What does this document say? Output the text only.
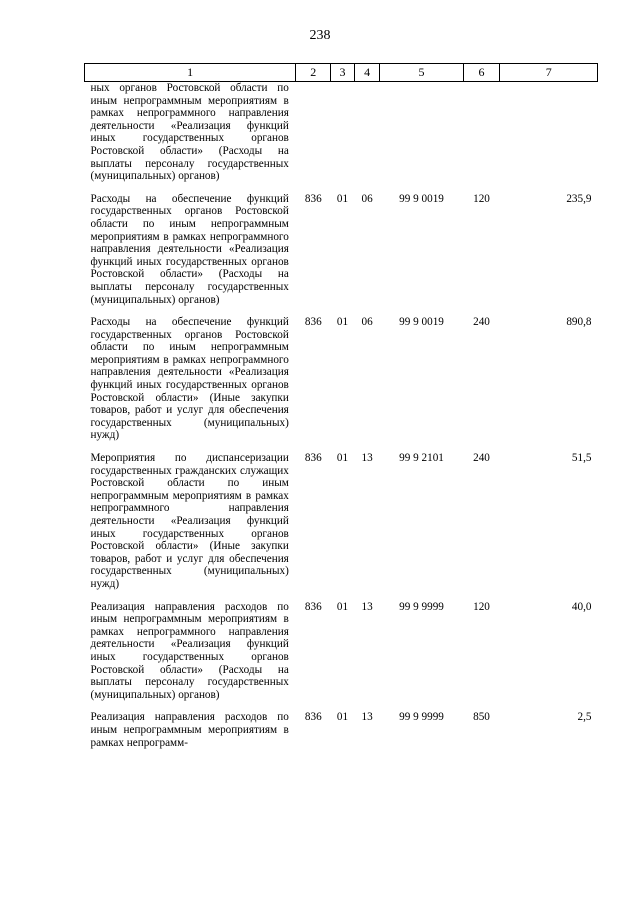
238
1	2	3	4	5	6	7
ных органов Ростовской области по иным непрограммным мероприятиям в рамках непрограммного направления деятельности «Реализация функций иных государственных органов Ростовской области» (Расходы на выплаты персоналу государственных (муниципальных) органов)						
Расходы на обеспечение функций государственных органов Ростовской области по иным непрограммным мероприятиям в рамках непрограммного направления деятельности «Реализация функций иных государственных органов Ростовской области» (Расходы на выплаты персоналу государственных (муниципальных) органов)	836	01	06	99 9 0019	120	235,9
Расходы на обеспечение функций государственных органов Ростовской области по иным непрограммным мероприятиям в рамках непрограммного направления деятельности «Реализация функций иных государственных органов Ростовской области» (Иные закупки товаров, работ и услуг для обеспечения государственных (муниципальных) нужд)	836	01	06	99 9 0019	240	890,8
Мероприятия по диспансеризации государственных гражданских служащих Ростовской области по иным непрограммным мероприятиям в рамках непрограммного направления деятельности «Реализация функций иных государственных органов Ростовской области» (Иные закупки товаров, работ и услуг для обеспечения государственных (муниципальных) нужд)	836	01	13	99 9 2101	240	51,5
Реализация направления расходов по иным непрограммным мероприятиям в рамках непрограммного направления деятельности «Реализация функций иных государственных органов Ростовской области» (Расходы на выплаты персоналу государственных (муниципальных) органов)	836	01	13	99 9 9999	120	40,0
Реализация направления расходов по иным непрограммным мероприятиям в рамках непрограмм-	836	01	13	99 9 9999	850	2,5
